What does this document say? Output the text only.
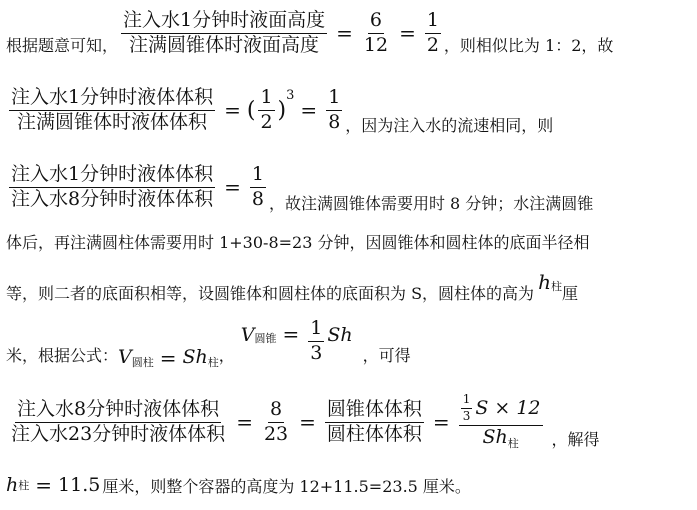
根据题意可知， $\frac{\text{注入水1分钟时液面高度}}{\text{注满圆锥体时液面高度}} = \frac{6}{12} = \frac{1}{2}$ ，则相似比为 1：2，故
$\frac{\text{注入水1分钟时液体体积}}{\text{注满圆锥体时液体体积}}$ = ( $\frac{1}{2}$ )
3
= $\frac{1}{8}$ ，因为注入水的流速相同，则
$\frac{\text{注入水1分钟时液体体积}}{\text{注入水8分钟时液体体积}} = \frac{1}{8}$ ，故注满圆锥体需要用时 8 分钟；水注满圆锥
体后，再注满圆柱体需要用时 1+30-8=23 分钟，因圆锥体和圆柱体的底面半径相
等，则二者的底面积相等，设圆锥体和圆柱体的底面积为 S，圆柱体的高为 h 柱 厘
米，根据公式： V 圆柱 = Sh 柱 ，
V 圆锥 = $\frac{1}{3}$ Sh
，可得
$\frac{\text{注入水8分钟时液体体积}}{\text{注入水23分钟时液体体积}} = \frac{8}{23} = \frac{\text{圆锥体体积}}{\text{圆柱体体积}} = \frac{\frac{1}{3} S \times 12}{Sh_柱}$ ，解得
h 柱 = 11.5 厘米，则整个容器的高度为 12+11.5=23.5 厘米。
